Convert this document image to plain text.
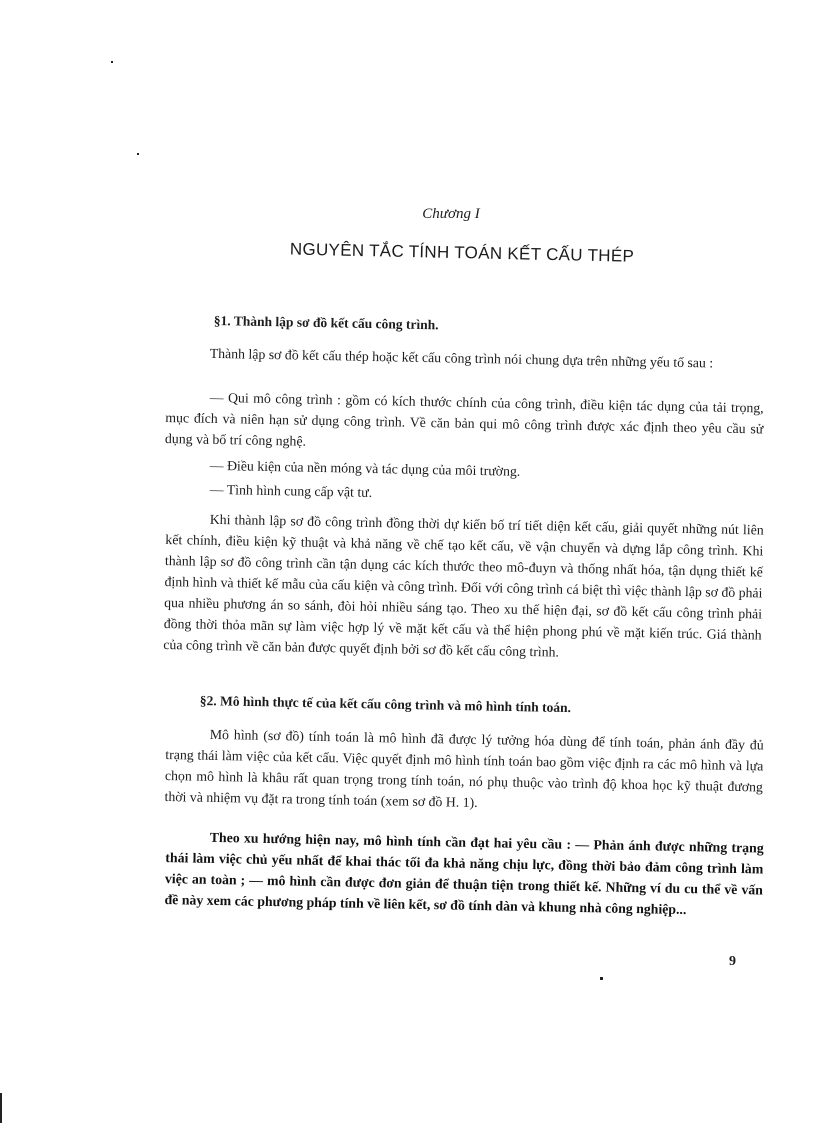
Chương I
NGUYÊN TẮC TÍNH TOÁN KẾT CẤU THÉP
§1. Thành lập sơ đồ kết cấu công trình.
Thành lập sơ đồ kết cấu thép hoặc kết cấu công trình nói chung dựa trên những yếu tố sau :
— Qui mô công trình : gồm có kích thước chính của công trình, điều kiện tác dụng của tải trọng, mục đích và niên hạn sử dụng công trình. Về căn bản qui mô công trình được xác định theo yêu cầu sử dụng và bố trí công nghệ.
— Điều kiện của nền móng và tác dụng của môi trường.
— Tình hình cung cấp vật tư.
Khi thành lập sơ đồ công trình đồng thời dự kiến bố trí tiết diện kết cấu, giải quyết những nút liên kết chính, điều kiện kỹ thuật và khả năng về chế tạo kết cấu, về vận chuyển và dựng lắp công trình. Khi thành lập sơ đồ công trình cần tận dụng các kích thước theo mô-đuyn và thống nhất hóa, tận dụng thiết kế định hình và thiết kế mẫu của cấu kiện và công trình. Đối với công trình cá biệt thì việc thành lập sơ đồ phải qua nhiều phương án so sánh, đòi hỏi nhiều sáng tạo. Theo xu thế hiện đại, sơ đồ kết cấu công trình phải đồng thời thỏa mãn sự làm việc hợp lý về mặt kết cấu và thể hiện phong phú về mặt kiến trúc. Giá thành của công trình về căn bản được quyết định bởi sơ đồ kết cấu công trình.
§2. Mô hình thực tế của kết cấu công trình và mô hình tính toán.
Mô hình (sơ đồ) tính toán là mô hình đã được lý tưởng hóa dùng để tính toán, phản ánh đầy đủ trạng thái làm việc của kết cấu. Việc quyết định mô hình tính toán bao gồm việc định ra các mô hình và lựa chọn mô hình là khâu rất quan trọng trong tính toán, nó phụ thuộc vào trình độ khoa học kỹ thuật đương thời và nhiệm vụ đặt ra trong tính toán (xem sơ đồ H. 1).
Theo xu hướng hiện nay, mô hình tính cần đạt hai yêu cầu : — Phản ánh được những trạng thái làm việc chủ yếu nhất để khai thác tối đa khả năng chịu lực, đồng thời bảo đảm công trình làm việc an toàn ; — mô hình cần được đơn giản để thuận tiện trong thiết kế. Những ví du cu thể về vấn đề này xem các phương pháp tính về liên kết, sơ đồ tính dàn và khung nhà công nghiệp...
9
